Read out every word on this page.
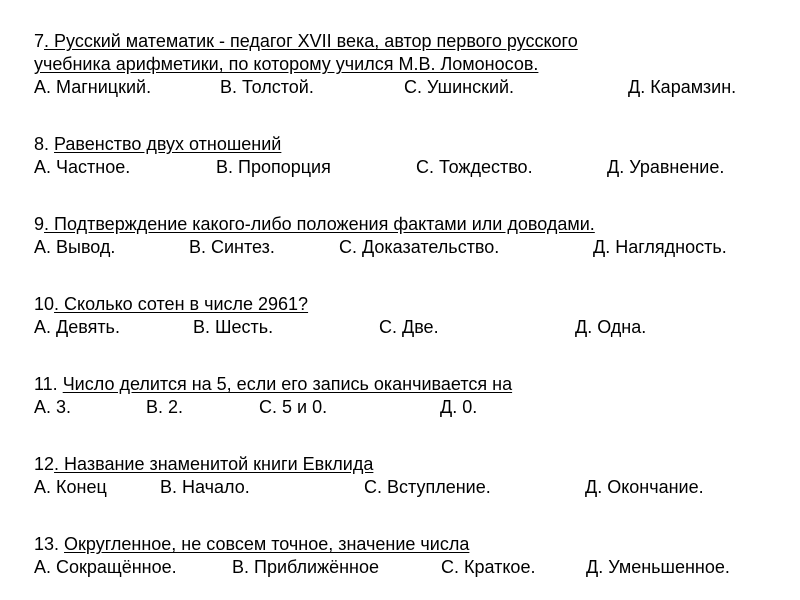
7. Русский математик - педагог XVII века, автор первого русского
учебника арифметики, по которому учился М.В. Ломоносов.
А. Магницкий.	В. Толстой.	С. Ушинский.	Д. Карамзин.
8. Равенство двух отношений
А. Частное.	В. Пропорция	С. Тождество.	Д. Уравнение.
9. Подтверждение какого-либо положения фактами или доводами.
А. Вывод.	В. Синтез.	С. Доказательство.	Д. Наглядность.
10. Сколько сотен в числе 2961?
А. Девять.	В. Шесть.	С. Две.	Д. Одна.
11. Число делится на 5, если его запись оканчивается на
А. 3.	В. 2.	С. 5 и 0.	Д. 0.
12. Название знаменитой книги Евклида
А. Конец	В. Начало.	С. Вступление.	Д. Окончание.
13. Округленное, не совсем точное, значение числа
А. Сокращённое.	В. Приближённое	С. Краткое.	Д. Уменьшенное.
